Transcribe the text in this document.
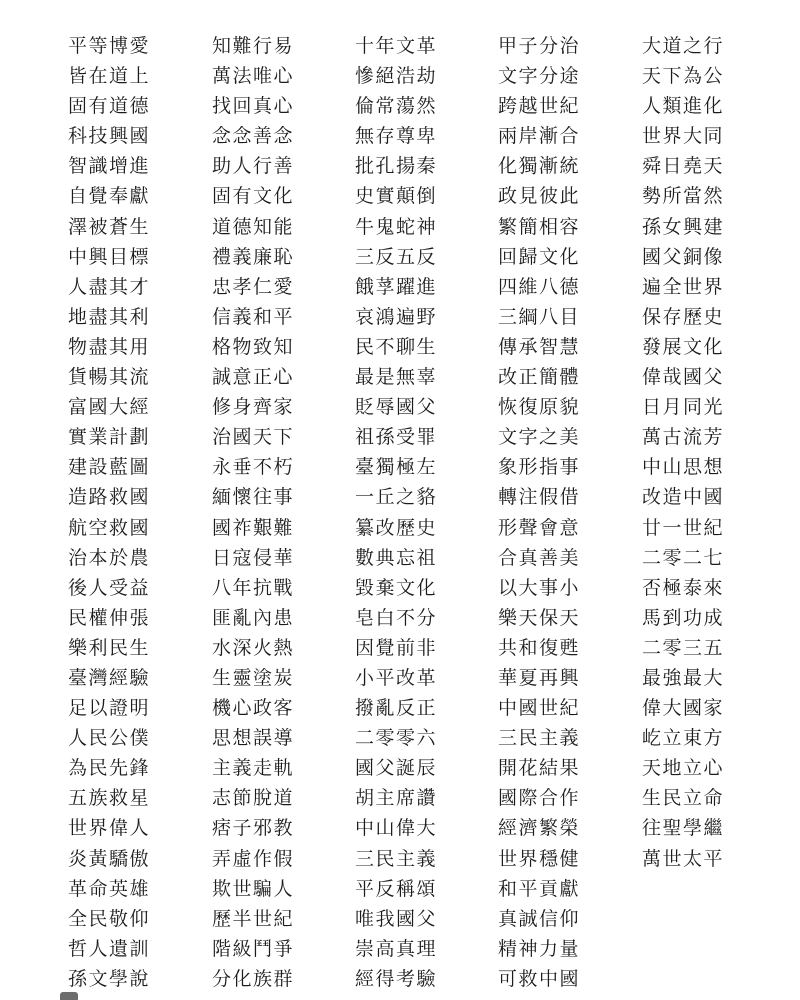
平等博愛
皆在道上
固有道德
科技興國
智識增進
自覺奉獻
澤被蒼生
中興目標
人盡其才
地盡其利
物盡其用
貨暢其流
富國大經
實業計劃
建設藍圖
造路救國
航空救國
治本於農
後人受益
民權伸張
樂利民生
臺灣經驗
足以證明
人民公僕
為民先鋒
五族救星
世界偉人
炎黃驕傲
革命英雄
全民敬仰
哲人遺訓
孫文學說
知難行易
萬法唯心
找回真心
念念善念
助人行善
固有文化
道德知能
禮義廉恥
忠孝仁愛
信義和平
格物致知
誠意正心
修身齊家
治國天下
永垂不朽
緬懷往事
國祚艱難
日寇侵華
八年抗戰
匪亂內患
水深火熱
生靈塗炭
機心政客
思想誤導
主義走軌
志節脫道
痞子邪教
弄虛作假
欺世騙人
歷半世紀
階級鬥爭
分化族群
十年文革
慘絕浩劫
倫常蕩然
無存尊卑
批孔揚秦
史實顛倒
牛鬼蛇神
三反五反
餓莩躍進
哀鴻遍野
民不聊生
最是無辜
貶辱國父
祖孫受罪
臺獨極左
一丘之貉
纂改歷史
數典忘祖
毀棄文化
皂白不分
因覺前非
小平改革
撥亂反正
二零零六
國父誕辰
胡主席讚
中山偉大
三民主義
平反稱頌
唯我國父
崇高真理
經得考驗
甲子分治
文字分途
跨越世紀
兩岸漸合
化獨漸統
政見彼此
繁簡相容
回歸文化
四維八德
三綱八目
傳承智慧
改正簡體
恢復原貌
文字之美
象形指事
轉注假借
形聲會意
合真善美
以大事小
樂天保天
共和復甦
華夏再興
中國世紀
三民主義
開花結果
國際合作
經濟繁榮
世界穩健
和平貢獻
真誠信仰
精神力量
可救中國
大道之行
天下為公
人類進化
世界大同
舜日堯天
勢所當然
孫女興建
國父銅像
遍全世界
保存歷史
發展文化
偉哉國父
日月同光
萬古流芳
中山思想
改造中國
廿一世紀
二零二七
否極泰來
馬到功成
二零三五
最強最大
偉大國家
屹立東方
天地立心
生民立命
往聖學繼
萬世太平
